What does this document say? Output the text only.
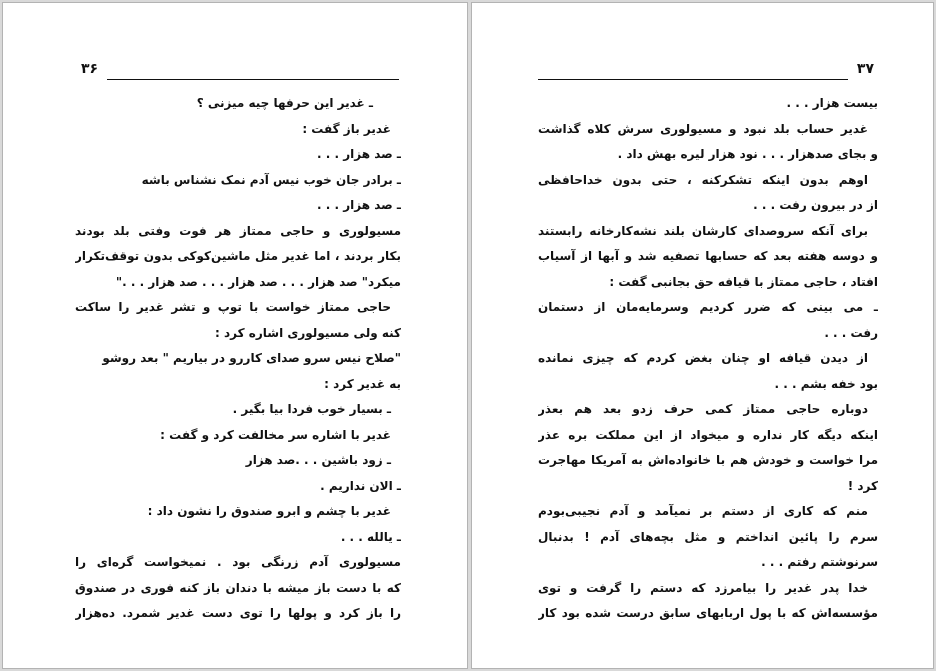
۳۶
ـ غدیر این حرفها چیه میزنی ؟
غدیر باز گفت :
ـ صد هزار . . .
ـ برادر جان خوب نیس آدم نمک نشناس باشه
ـ صد هزار . . .
مسیولوری و حاجی ممتاز هر فوت وفتی بلد بودند
بکار بردند ، اما غدیر مثل ماشین‌کوکی بدون توقف‌تکرار
میکرد" صد هزار . . . صد هزار . . . صد هزار . . ."
حاجی ممتاز خواست با توپ و تشر غدیر را ساکت
کنه ولی مسیولوری اشاره کرد :
"صلاح نیس سرو صدای کاررو در بیاریم " بعد روشو
به غدیر کرد :
ـ بسیار خوب فردا بیا بگیر .
غدیر با اشاره سر مخالفت کرد و گفت :
ـ زود باشین . . .صد هزار
ـ الان نداریم .
غدیر با چشم و ابرو صندوق را نشون داد :
ـ یالله . . .
مسیولوری آدم زرنگی بود . نمیخواست گره‌ای را
که با دست باز میشه با دندان باز کنه فوری در صندوق
را باز کرد و پولها را توی دست غدیر شمرد. ده‌هزار
۳۷
بیست هزار . . .
غدیر حساب بلد نبود و مسیولوری سرش کلاه گذاشت
و بجای صدهزار . . . نود هزار لیره بهش داد .
اوهم بدون اینکه تشکرکنه ، حتی بدون خداحافظی
از در بیرون رفت . . .
برای آنکه سروصدای کارشان بلند نشه‌کارخانه رابستند
و دوسه هفته بعد که حسابها تصفیه شد و آبها از آسیاب
افتاد ، حاجی ممتاز با قیافه حق بجانبی گفت :
ـ می بینی که ضرر کردیم وسرمایه‌مان از دستمان
رفت . . .
از دیدن قیافه او چنان بغض کردم که چیزی نمانده
بود خفه بشم . . .
دوباره حاجی ممتاز کمی حرف زدو بعد هم بعذر
اینکه دیگه کار نداره و میخواد از این مملکت بره عذر
مرا خواست و خودش هم با خانواده‌اش به آمریکا مهاجرت
کرد !
منم که کاری از دستم بر نمیآمد و آدم نجیبی‌بودم
سرم را پائین انداختم و مثل بچه‌های آدم ! بدنبال
سرنوشتم رفتم . . .
خدا پدر غدیر را بیامرزد که دستم را گرفت و توی
مؤسسه‌اش که با پول اربابهای سابق درست شده بود کار
